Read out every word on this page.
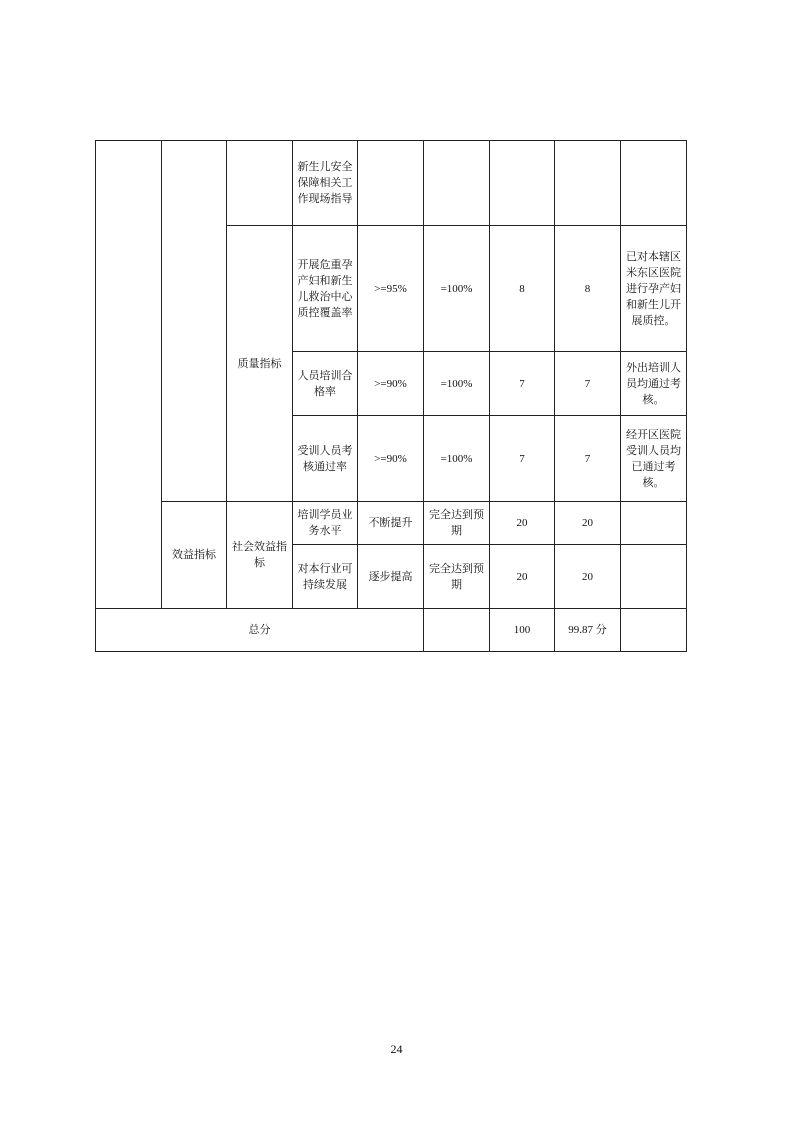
			新生儿安全保障相关工作现场指导					
		质量指标	开展危重孕产妇和新生儿救治中心质控覆盖率	>=95%	=100%	8	8	已对本辖区米东区医院进行孕产妇和新生儿开展质控。
			人员培训合格率	>=90%	=100%	7	7	外出培训人员均通过考核。
			受训人员考核通过率	>=90%	=100%	7	7	经开区医院受训人员均已通过考核。
	效益指标	社会效益指标	培训学员业务水平	不断提升	完全达到预期	20	20	
			对本行业可持续发展	逐步提高	完全达到预期	20	20	
总分						100	99.87 分	
24
